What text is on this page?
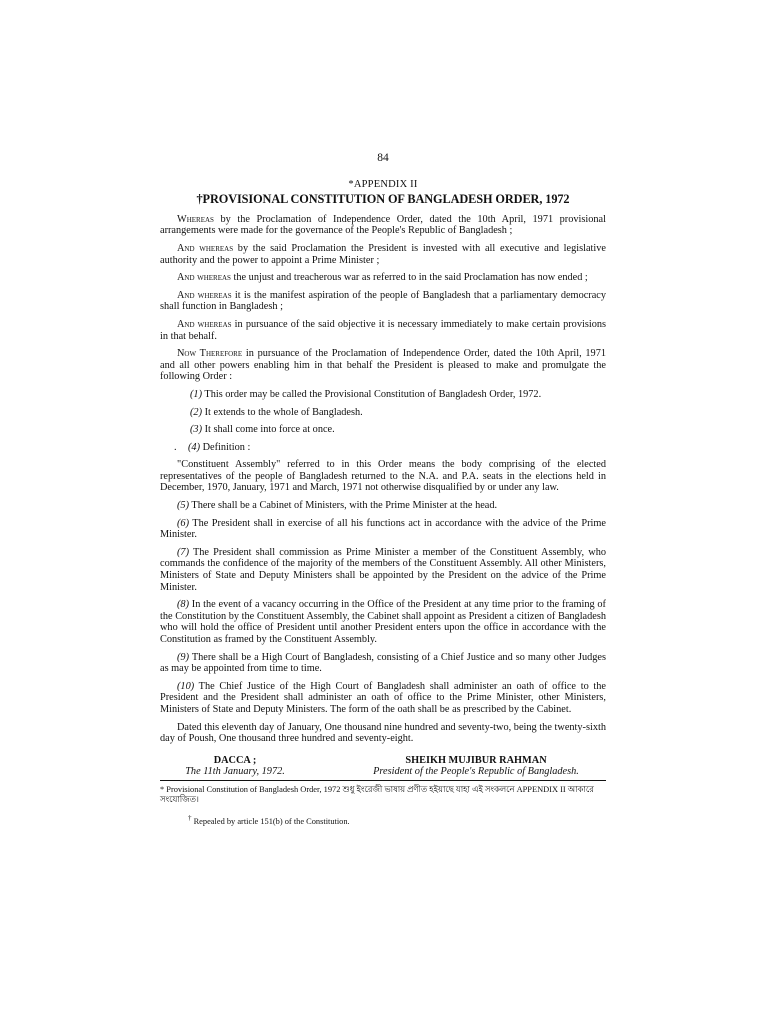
84
*APPENDIX II
†PROVISIONAL CONSTITUTION OF BANGLADESH ORDER, 1972

Whereas by the Proclamation of Independence Order, dated the 10th April, 1971 provisional arrangements were made for the governance of the People's Republic of Bangladesh ;

And whereas by the said Proclamation the President is invested with all executive and legislative authority and the power to appoint a Prime Minister ;

And whereas the unjust and treacherous war as referred to in the said Proclamation has now ended ;

And whereas it is the manifest aspiration of the people of Bangladesh that a parliamentary democracy shall function in Bangladesh ;

And whereas in pursuance of the said objective it is necessary immediately to make certain provisions in that behalf.

Now Therefore in pursuance of the Proclamation of Independence Order, dated the 10th April, 1971 and all other powers enabling him in that behalf the President is pleased to make and promulgate the following Order :

(1) This order may be called the Provisional Constitution of Bangladesh Order, 1972.
(2) It extends to the whole of Bangladesh.
(3) It shall come into force at once.
. (4) Definition :

"Constituent Assembly" referred to in this Order means the body comprising of the elected representatives of the people of Bangladesh returned to the N.A. and P.A. seats in the elections held in December, 1970, January, 1971 and March, 1971 not otherwise disqualified by or under any law.

(5) There shall be a Cabinet of Ministers, with the Prime Minister at the head.

(6) The President shall in exercise of all his functions act in accordance with the advice of the Prime Minister.

(7) The President shall commission as Prime Minister a member of the Constituent Assembly, who commands the confidence of the majority of the members of the Constituent Assembly. All other Ministers, Ministers of State and Deputy Ministers shall be appointed by the President on the advice of the Prime Minister.

(8) In the event of a vacancy occurring in the Office of the President at any time prior to the framing of the Constitution by the Constituent Assembly, the Cabinet shall appoint as President a citizen of Bangladesh who will hold the office of President until another President enters upon the office in accordance with the Constitution as framed by the Constituent Assembly.

(9) There shall be a High Court of Bangladesh, consisting of a Chief Justice and so many other Judges as may be appointed from time to time.

(10) The Chief Justice of the High Court of Bangladesh shall administer an oath of office to the President and the President shall administer an oath of office to the Prime Minister, other Ministers, Ministers of State and Deputy Ministers. The form of the oath shall be as prescribed by the Cabinet.

Dated this eleventh day of January, One thousand nine hundred and seventy-two, being the twenty-sixth day of Poush, One thousand three hundred and seventy-eight.

DACCA ;
The 11th January, 1972.
SHEIKH MUJIBUR RAHMAN
President of the People's Republic of Bangladesh.
* Provisional Constitution of Bangladesh Order, 1972 শুধু ইংরেজী ভাষায় প্রণীত হইয়াছে যাহা এই সংকলনে APPENDIX II আকারে সংযোজিত।
† Repealed by article 151(b) of the Constitution.
